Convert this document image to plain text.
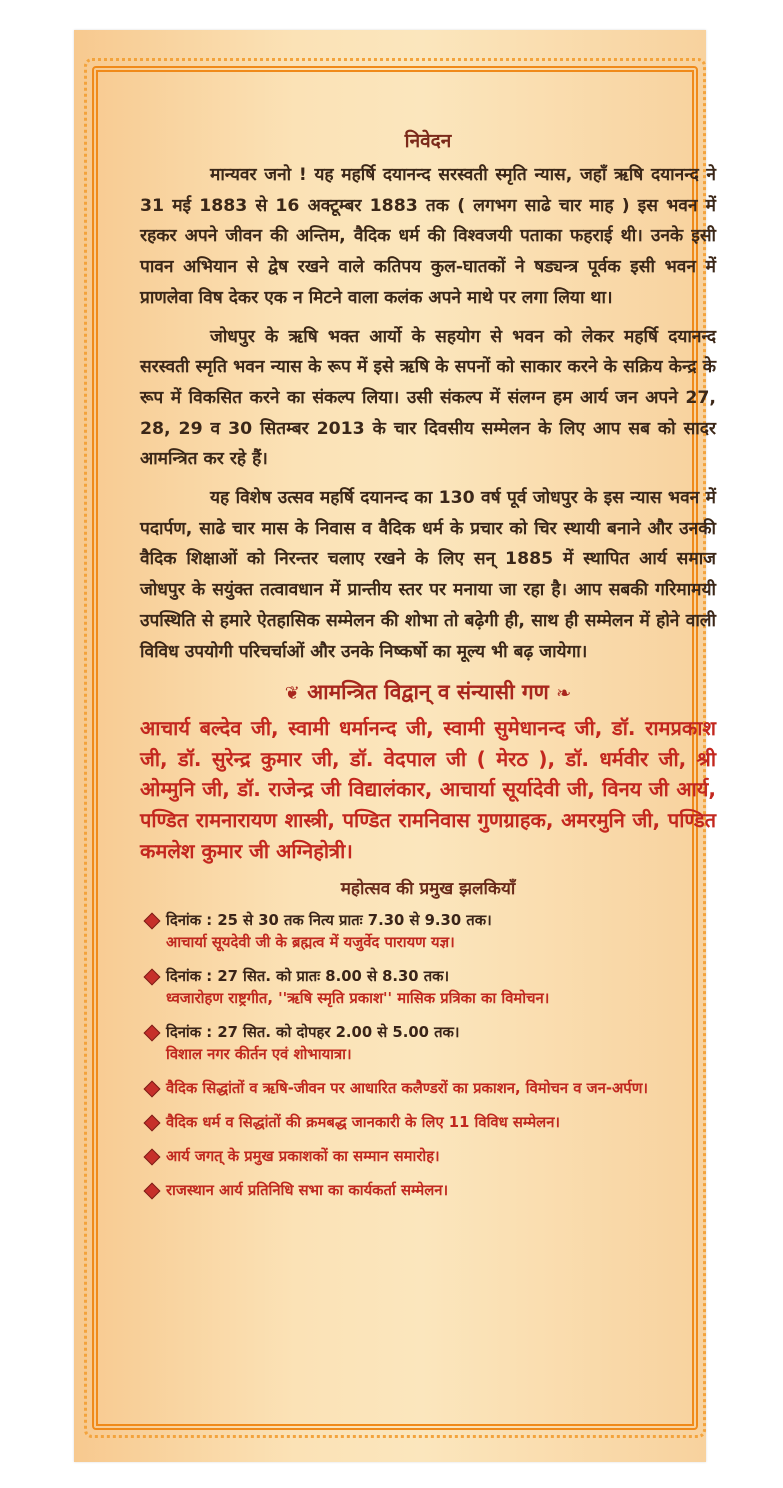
निवेदन

मान्यवर जनो ! यह महर्षि दयानन्द सरस्वती स्मृति न्यास, जहाँ ऋषि दयानन्द ने 31 मई 1883 से 16 अक्टूम्बर 1883 तक ( लगभग साढे चार माह ) इस भवन में रहकर अपने जीवन की अन्तिम, वैदिक धर्म की विश्वजयी पताका फहराई थी। उनके इसी पावन अभियान से द्वेष रखने वाले कतिपय कुल-घातकों ने षड्यन्त्र पूर्वक इसी भवन में प्राणलेवा विष देकर एक न मिटने वाला कलंक अपने माथे पर लगा लिया था।

जोधपुर के ऋषि भक्त आर्यो के सहयोग से भवन को लेकर महर्षि दयानन्द सरस्वती स्मृति भवन न्यास के रूप में इसे ऋषि के सपनों को साकार करने के सक्रिय केन्द्र के रूप में विकसित करने का संकल्प लिया। उसी संकल्प में संलग्न हम आर्य जन अपने 27, 28, 29 व 30 सितम्बर 2013 के चार दिवसीय सम्मेलन के लिए आप सब को सादर आमन्त्रित कर रहे हैं।

यह विशेष उत्सव महर्षि दयानन्द का 130 वर्ष पूर्व जोधपुर के इस न्यास भवन में पदार्पण, साढे चार मास के निवास व वैदिक धर्म के प्रचार को चिर स्थायी बनाने और उनकी वैदिक शिक्षाओं को निरन्तर चलाए रखने के लिए सन् 1885 में स्थापित आर्य समाज जोधपुर के सयुंक्त तत्वावधान में प्रान्तीय स्तर पर मनाया जा रहा है। आप सबकी गरिमामयी उपस्थिति से हमारे ऐतहासिक सम्मेलन की शोभा तो बढ़ेगी ही, साथ ही सम्मेलन में होने वाली विविध उपयोगी परिचर्चाओं और उनके निष्कर्षो का मूल्य भी बढ़ जायेगा।

❦ आमन्त्रित विद्वान् व संन्यासी गण ❧

आचार्य बल्देव जी, स्वामी धर्मानन्द जी, स्वामी सुमेधानन्द जी, डॉ. रामप्रकाश जी, डॉ. सुरेन्द्र कुमार जी, डॉ. वेदपाल जी ( मेरठ ), डॉ. धर्मवीर जी, श्री ओम्मुनि जी, डॉ. राजेन्द्र जी विद्यालंकार, आचार्या सूर्यादेवी जी, विनय जी आर्य, पण्डित रामनारायण शास्त्री, पण्डित रामनिवास गुणग्राहक, अमरमुनि जी, पण्डित कमलेश कुमार जी अग्निहोत्री।

महोत्सव की प्रमुख झलकियाँ
दिनांक : 25 से 30 तक नित्य प्रातः 7.30 से 9.30 तक।
आचार्या सूयदेवी जी के ब्रह्मत्व में यजुर्वेद पारायण यज्ञ।
दिनांक : 27 सित. को प्रातः 8.00 से 8.30 तक।
ध्वजारोहण राष्ट्रगीत, ''ऋषि स्मृति प्रकाश'' मासिक प्रत्रिका का विमोचन।
दिनांक : 27 सित. को दोपहर 2.00 से 5.00 तक।
विशाल नगर कीर्तन एवं शोभायात्रा।
वैदिक सिद्धांतों व ऋषि-जीवन पर आधारित कलैण्डरों का प्रकाशन, विमोचन व जन-अर्पण।
वैदिक धर्म व सिद्धांतों की क्रमबद्ध जानकारी के लिए 11 विविध सम्मेलन।
आर्य जगत् के प्रमुख प्रकाशकों का सम्मान समारोह।
राजस्थान आर्य प्रतिनिधि सभा का कार्यकर्ता सम्मेलन।
